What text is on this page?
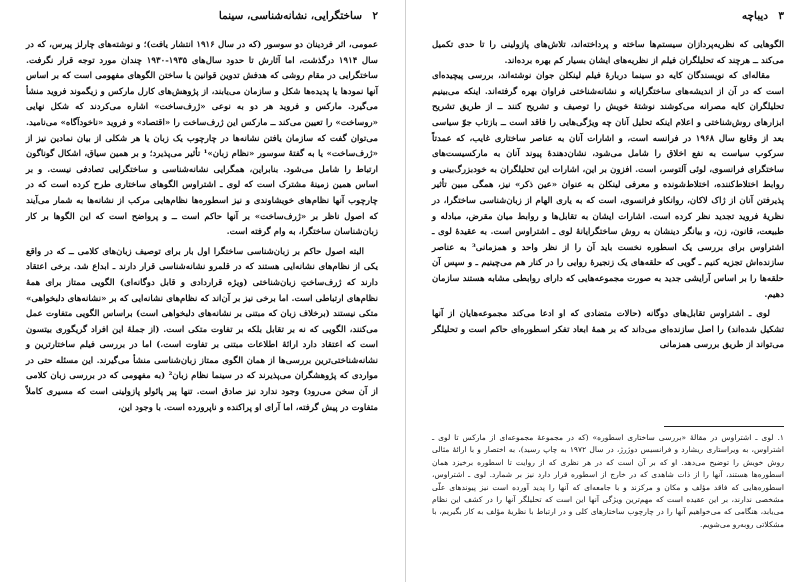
۲
ساختگرایی، نشانه‌شناسی، سینما

عمومی، اثر فردینان دو سوسور (که در سال ۱۹۱۶ انتشار یافت)؛ و نوشته‌های چارلز پیرس، که در سال ۱۹۱۴ درگذشت، اما آثارش تا حدود سال‌های ۱۹۳۵-۱۹۳۰ چندان مورد توجه قرار نگرفت. ساختگرایی در مقام روشی که هدفش تدوین قوانین یا ساختن الگوهای مفهومی است که بر اساس آنها نمودها یا پدیده‌ها شکل و سازمان می‌یابند، از پژوهش‌های کارل مارکس و زیگموند فروید منشأ می‌گیرد. مارکس و فروید هر دو به نوعی «ژرف‌ساخت» اشاره می‌کردند که شکل نهایی «روساخت» را تعیین می‌کند ــ مارکس این ژرف‌ساخت را «اقتصاد» و فروید «ناخودآگاه» می‌نامید. می‌توان گفت که سازمان یافتن نشانه‌ها در چارچوب یک زبان یا هر شکلی از بیان نمادین نیز از «ژرف‌ساخت» یا به گفتهٔ سوسور «نظام زبان»¹ تأثیر می‌پذیرد؛ و بر همین سیاق، اشکال گوناگون ارتباط را شامل می‌شود. بنابراین، همگرایی نشانه‌شناسی و ساختگرایی تصادفی نیست. و بر اساس همین زمینهٔ مشترک است که لوی ـ اشتراوس الگوهای ساختاری طرح کرده است که در چارچوب آنها نظام‌های خویشاوندی و نیز اسطوره‌ها نظام‌هایی مرکب از نشانه‌ها به شمار می‌آیند که اصول ناظر بر «ژرف‌ساخت» بر آنها حاکم است ــ و پرواضح است که این الگوها بر کار زبان‌شناسان ساختگرا، به وام گرفته است.

البته اصول حاکم بر زبان‌شناسی ساختگرا اول بار برای توصیف زبان‌های کلامی ــ که در واقع یکی از نظام‌های نشانه‌ایی هستند که در قلمرو نشانه‌شناسی قرار دارند ـ ابداع شد. برخی اعتقاد دارند که ژرف‌ساختِ زبان‌شناختی (ویژه قراردادی و قابل دوگانه‌ای) الگویی ممتاز برای همهٔ نظام‌های ارتباطی است. اما برخی نیز بر آن‌اند که نظام‌های نشانه‌ایی که بر «نشانه‌های دلبخواهی» متکی نیستند (برخلاف زبان که مبتنی بر نشانه‌های دلبخواهی است) براساس الگویی متفاوت عمل می‌کنند، الگویی که نه بر تقابل بلکه بر تفاوت متکی است. (از جملهٔ این افراد گریگوری بیتسون است که اعتقاد دارد ارائهٔ اطلاعات مبتنی بر تفاوت است.) اما در بررسی فیلم ساختارترین و نشانه‌شناختی‌ترین بررسی‌ها از همان الگوی ممتاز زبان‌شناسی منشأ می‌گیرند. این مسئله حتی در مواردی که پژوهشگران می‌پذیرند که در سینما نظام زبان² (به مفهومی که در بررسی زبان کلامی از آن سخن می‌رود) وجود ندارد نیز صادق است. تنها پیر پائولو پازولینی است که مسیری کاملاً متفاوت در پیش گرفته، اما آرای او پراکنده و ناپرورده است. با وجود این،

۳
دیباچه

الگوهایی که نظریه‌پردازان سیستم‌ها ساخته و پرداخته‌اند، تلاش‌های پازولینی را تا حدی تکمیل می‌کند ــ هرچند که تحلیلگران فیلم از نظریه‌های ایشان بسیار کم بهره برده‌اند.

مقاله‌ای که نویسندگان کایه دو سینما دربارهٔ فیلم لینکلن جوان نوشته‌اند، بررسی پیچیده‌ای است که در آن از اندیشه‌های ساختگرایانه و نشانه‌شناختی فراوان بهره گرفته‌اند. اینکه می‌بینیم تحلیلگران کایه مصرانه می‌کوشند نوشتهٔ خویش را توصیف و تشریح کنند ــ از طریق تشریح ابزارهای روش‌شناختی و اعلام اینکه تحلیل آنان چه ویژگی‌هایی را فاقد است ــ بازتاب جوّ سیاسی بعد از وقایع سال ۱۹۶۸ در فرانسه است، و اشارات آنان به عناصر ساختاری غایب، که عمدتاً سرکوب سیاست به نفع اخلاق را شامل می‌شود، نشان‌دهندهٔ پیوند آنان به مارکسیست‌های ساختگرای فرانسوی، لوئی آلتوسر، است. افزون بر این، اشارات این تحلیلگران به خودبزرگ‌بینی و روابط اختلاط‌کننده، اختلاط‌شونده و معرفی لینکلن به عنوان «عین ذکر» نیز، همگی مبین تأثیر پذیرفتن آنان از ژاک لاکان، روانکاو فرانسوی، است که به یاری الهام از زبان‌شناسی ساختگرا، در نظریهٔ فروید تجدید نظر کرده است. اشارات ایشان به تقابل‌ها و روابط میان مقرض، مبادله و طبیعت، قانون، زن، و بیانگر دینشان به روش ساختگرایانهٔ لوی ـ اشتراوس است. به عقیدهٔ لوی ـ اشتراوس برای بررسی یک اسطوره نخست باید آن را از نظر واحد و همزمانی³ به عناصر سازنده‌اش تجزیه کنیم ـ گویی که حلقه‌های یک زنجیرهٔ روایی را در کنار هم می‌چینیم ـ و سپس آن حلقه‌ها را بر اساس آرایشی جدید به صورت مجموعه‌هایی که دارای روابطی مشابه هستند سازمان دهیم.

لوی ـ اشتراوس تقابل‌های دوگانه (حالات متضادی که او ادعا می‌کند مجموعه‌هایان از آنها تشکیل شده‌اند) را اصل سازنده‌ای می‌داند که بر همهٔ ابعاد تفکر اسطوره‌ای حاکم است و تحلیلگر می‌تواند از طریق بررسی همزمانی

۱. لوی ـ اشتراوس در مقالهٔ «بررسی ساختاری اسطوره» (که در مجموعهٔ مجموعه‌ای از مارکس تا لوی ـ اشتراوس، به ویراستاری ریشارد و فرانسیس دوژرژ، در سال ۱۹۷۲ به چاپ رسید)، به اختصار و با ارائهٔ مثالی روش خویش را توضیح می‌دهد. او که بر آن است که در هر نظری که از روایت تا اسطوره برخیزد همان اسطوره‌ها هستند، آنها را از ذات شاهدی که در خارج از اسطوره قرار دارد نیز بر شمارد. لوی ـ اشتراوس، اسطوره‌هایی که فاقد مؤلف و مکان و مرکزند و با جامعه‌ای که آنها را پدید آورده است نیز پیوندهای علّی مشخصی ندارند، بر این عقیده است که مهم‌ترین ویژگی آنها این است که تحلیلگر آنها را در کشف این نظام می‌یابد، هنگامی که می‌خواهیم آنها را در چارچوب ساختارهای کلی و در ارتباط با نظریهٔ مؤلف به کار بگیریم، با مشکلاتی روبه‌رو می‌شویم.
